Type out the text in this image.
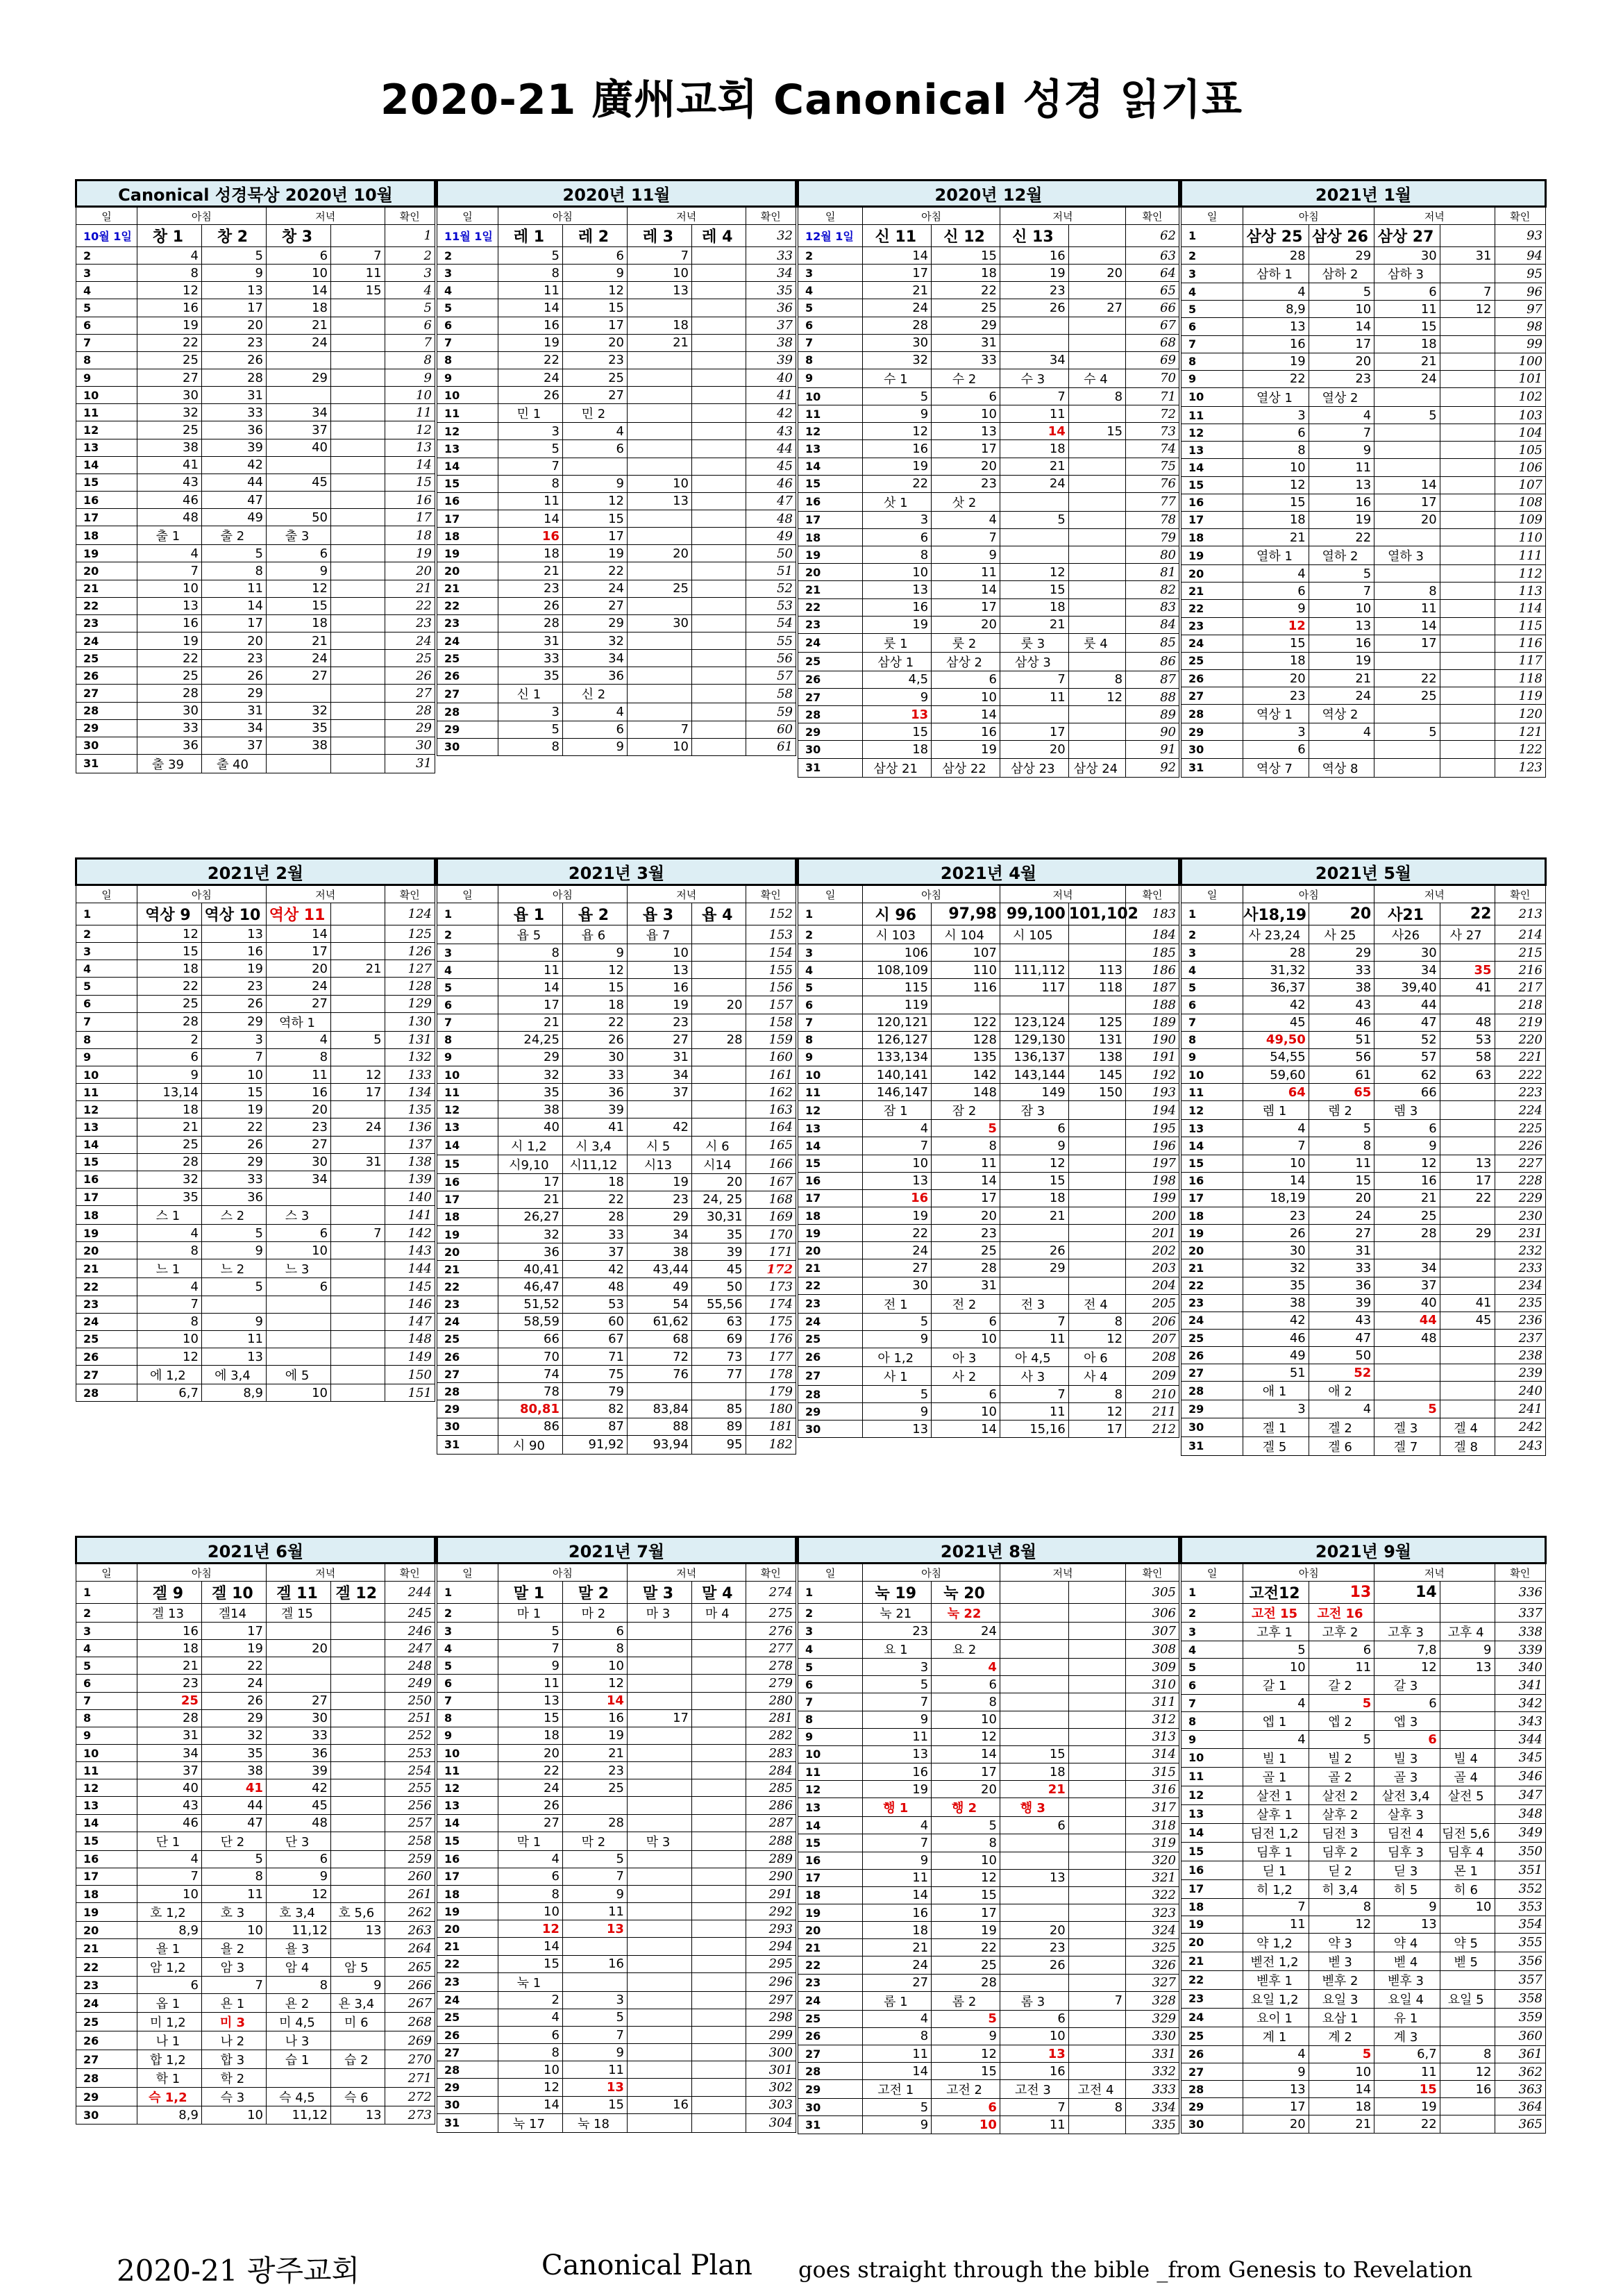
2020-21 廣州교회 Canonical 성경 읽기표
Canonical 성경묵상 2020년 10월					
일	아침		저녁		확인
10월 1일	창 1	창 2	창 3		1
2	4	5	6	7	2
3	8	9	10	11	3
4	12	13	14	15	4
5	16	17	18		5
6	19	20	21		6
7	22	23	24		7
8	25	26			8
9	27	28	29		9
10	30	31			10
11	32	33	34		11
12	25	36	37		12
13	38	39	40		13
14	41	42			14
15	43	44	45		15
16	46	47			16
17	48	49	50		17
18	출 1	출 2	출 3		18
19	4	5	6		19
20	7	8	9		20
21	10	11	12		21
22	13	14	15		22
23	16	17	18		23
24	19	20	21		24
25	22	23	24		25
26	25	26	27		26
27	28	29			27
28	30	31	32		28
29	33	34	35		29
30	36	37	38		30
31	출 39	출 40			31
2020년 11월					
일	아침		저녁		확인
11월 1일	레 1	레 2	레 3	레 4	32
2	5	6	7		33
3	8	9	10		34
4	11	12	13		35
5	14	15			36
6	16	17	18		37
7	19	20	21		38
8	22	23			39
9	24	25			40
10	26	27			41
11	민 1	민 2			42
12	3	4			43
13	5	6			44
14	7				45
15	8	9	10		46
16	11	12	13		47
17	14	15			48
18	16	17			49
19	18	19	20		50
20	21	22			51
21	23	24	25		52
22	26	27			53
23	28	29	30		54
24	31	32			55
25	33	34			56
26	35	36			57
27	신 1	신 2			58
28	3	4			59
29	5	6	7		60
30	8	9	10		61
2020년 12월					
일	아침		저녁		확인
12월 1일	신 11	신 12	신 13		62
2	14	15	16		63
3	17	18	19	20	64
4	21	22	23		65
5	24	25	26	27	66
6	28	29			67
7	30	31			68
8	32	33	34		69
9	수 1	수 2	수 3	수 4	70
10	5	6	7	8	71
11	9	10	11		72
12	12	13	14	15	73
13	16	17	18		74
14	19	20	21		75
15	22	23	24		76
16	삿 1	삿 2			77
17	3	4	5		78
18	6	7			79
19	8	9			80
20	10	11	12		81
21	13	14	15		82
22	16	17	18		83
23	19	20	21		84
24	룻 1	룻 2	룻 3	룻 4	85
25	삼상 1	삼상 2	삼상 3		86
26	4,5	6	7	8	87
27	9	10	11	12	88
28	13	14			89
29	15	16	17		90
30	18	19	20		91
31	삼상 21	삼상 22	삼상 23	삼상 24	92
2021년 1월					
일	아침		저녁		확인
1	삼상 25	삼상 26	삼상 27		93
2	28	29	30	31	94
3	삼하 1	삼하 2	삼하 3		95
4	4	5	6	7	96
5	8,9	10	11	12	97
6	13	14	15		98
7	16	17	18		99
8	19	20	21		100
9	22	23	24		101
10	열상 1	열상 2			102
11	3	4	5		103
12	6	7			104
13	8	9			105
14	10	11			106
15	12	13	14		107
16	15	16	17		108
17	18	19	20		109
18	21	22			110
19	열하 1	열하 2	열하 3		111
20	4	5			112
21	6	7	8		113
22	9	10	11		114
23	12	13	14		115
24	15	16	17		116
25	18	19			117
26	20	21	22		118
27	23	24	25		119
28	역상 1	역상 2			120
29	3	4	5		121
30	6				122
31	역상 7	역상 8			123
2021년 2월					
일	아침		저녁		확인
1	역상 9	역상 10	역상 11		124
2	12	13	14		125
3	15	16	17		126
4	18	19	20	21	127
5	22	23	24		128
6	25	26	27		129
7	28	29	역하 1		130
8	2	3	4	5	131
9	6	7	8		132
10	9	10	11	12	133
11	13,14	15	16	17	134
12	18	19	20		135
13	21	22	23	24	136
14	25	26	27		137
15	28	29	30	31	138
16	32	33	34		139
17	35	36			140
18	스 1	스 2	스 3		141
19	4	5	6	7	142
20	8	9	10		143
21	느 1	느 2	느 3		144
22	4	5	6		145
23	7				146
24	8	9			147
25	10	11			148
26	12	13			149
27	에 1,2	에 3,4	에 5		150
28	6,7	8,9	10		151
2021년 3월					
일	아침		저녁		확인
1	욥 1	욥 2	욥 3	욥 4	152
2	욥 5	욥 6	욥 7		153
3	8	9	10		154
4	11	12	13		155
5	14	15	16		156
6	17	18	19	20	157
7	21	22	23		158
8	24,25	26	27	28	159
9	29	30	31		160
10	32	33	34		161
11	35	36	37		162
12	38	39			163
13	40	41	42		164
14	시 1,2	시 3,4	시 5	시 6	165
15	시9,10	시11,12	시13	시14	166
16	17	18	19	20	167
17	21	22	23	24, 25	168
18	26,27	28	29	30,31	169
19	32	33	34	35	170
20	36	37	38	39	171
21	40,41	42	43,44	45	172
22	46,47	48	49	50	173
23	51,52	53	54	55,56	174
24	58,59	60	61,62	63	175
25	66	67	68	69	176
26	70	71	72	73	177
27	74	75	76	77	178
28	78	79			179
29	80,81	82	83,84	85	180
30	86	87	88	89	181
31	시 90	91,92	93,94	95	182
2021년 4월					
일	아침		저녁		확인
1	시 96	97,98	99,100	101,102	183
2	시 103	시 104	시 105		184
3	106	107			185
4	108,109	110	111,112	113	186
5	115	116	117	118	187
6	119				188
7	120,121	122	123,124	125	189
8	126,127	128	129,130	131	190
9	133,134	135	136,137	138	191
10	140,141	142	143,144	145	192
11	146,147	148	149	150	193
12	잠 1	잠 2	잠 3		194
13	4	5	6		195
14	7	8	9		196
15	10	11	12		197
16	13	14	15		198
17	16	17	18		199
18	19	20	21		200
19	22	23			201
20	24	25	26		202
21	27	28	29		203
22	30	31			204
23	전 1	전 2	전 3	전 4	205
24	5	6	7	8	206
25	9	10	11	12	207
26	아 1,2	아 3	아 4,5	아 6	208
27	사 1	사 2	사 3	사 4	209
28	5	6	7	8	210
29	9	10	11	12	211
30	13	14	15,16	17	212
2021년 5월					
일	아침		저녁		확인
1	사18,19	20	사21	22	213
2	사 23,24	사 25	사26	사 27	214
3	28	29	30		215
4	31,32	33	34	35	216
5	36,37	38	39,40	41	217
6	42	43	44		218
7	45	46	47	48	219
8	49,50	51	52	53	220
9	54,55	56	57	58	221
10	59,60	61	62	63	222
11	64	65	66		223
12	렘 1	렘 2	렘 3		224
13	4	5	6		225
14	7	8	9		226
15	10	11	12	13	227
16	14	15	16	17	228
17	18,19	20	21	22	229
18	23	24	25		230
19	26	27	28	29	231
20	30	31			232
21	32	33	34		233
22	35	36	37		234
23	38	39	40	41	235
24	42	43	44	45	236
25	46	47	48		237
26	49	50			238
27	51	52			239
28	애 1	애 2			240
29	3	4	5		241
30	겔 1	겔 2	겔 3	겔 4	242
31	겔 5	겔 6	겔 7	겔 8	243
2021년 6월					
일	아침		저녁		확인
1	겔 9	겔 10	겔 11	겔 12	244
2	겔 13	겔14	겔 15		245
3	16	17			246
4	18	19	20		247
5	21	22			248
6	23	24			249
7	25	26	27		250
8	28	29	30		251
9	31	32	33		252
10	34	35	36		253
11	37	38	39		254
12	40	41	42		255
13	43	44	45		256
14	46	47	48		257
15	단 1	단 2	단 3		258
16	4	5	6		259
17	7	8	9		260
18	10	11	12		261
19	호 1,2	호 3	호 3,4	호 5,6	262
20	8,9	10	11,12	13	263
21	욜 1	욜 2	욜 3		264
22	암 1,2	암 3	암 4	암 5	265
23	6	7	8	9	266
24	옵 1	욘 1	욘 2	욘 3,4	267
25	미 1,2	미 3	미 4,5	미 6	268
26	나 1	나 2	나 3		269
27	합 1,2	합 3	습 1	습 2	270
28	학 1	학 2			271
29	슥 1,2	슥 3	슥 4,5	슥 6	272
30	8,9	10	11,12	13	273
2021년 7월					
일	아침		저녁		확인
1	말 1	말 2	말 3	말 4	274
2	마 1	마 2	마 3	마 4	275
3	5	6			276
4	7	8			277
5	9	10			278
6	11	12			279
7	13	14			280
8	15	16	17		281
9	18	19			282
10	20	21			283
11	22	23			284
12	24	25			285
13	26				286
14	27	28			287
15	막 1	막 2	막 3		288
16	4	5			289
17	6	7			290
18	8	9			291
19	10	11			292
20	12	13			293
21	14				294
22	15	16			295
23	눅 1				296
24	2	3			297
25	4	5			298
26	6	7			299
27	8	9			300
28	10	11			301
29	12	13			302
30	14	15	16		303
31	눅 17	눅 18			304
2021년 8월					
일	아침		저녁		확인
1	눅 19	눅 20			305
2	눅 21	눅 22			306
3	23	24			307
4	요 1	요 2			308
5	3	4			309
6	5	6			310
7	7	8			311
8	9	10			312
9	11	12			313
10	13	14	15		314
11	16	17	18		315
12	19	20	21		316
13	행 1	행 2	행 3		317
14	4	5	6		318
15	7	8			319
16	9	10			320
17	11	12	13		321
18	14	15			322
19	16	17			323
20	18	19	20		324
21	21	22	23		325
22	24	25	26		326
23	27	28			327
24	롬 1	롬 2	롬 3	7	328
25	4	5	6		329
26	8	9	10		330
27	11	12	13		331
28	14	15	16		332
29	고전 1	고전 2	고전 3	고전 4	333
30	5	6	7	8	334
31	9	10	11		335
2021년 9월					
일	아침		저녁		확인
1	고전12	13	14		336
2	고전 15	고전 16			337
3	고후 1	고후 2	고후 3	고후 4	338
4	5	6	7,8	9	339
5	10	11	12	13	340
6	갈 1	갈 2	갈 3		341
7	4	5	6		342
8	엡 1	엡 2	엡 3		343
9	4	5	6		344
10	빌 1	빌 2	빌 3	빌 4	345
11	골 1	골 2	골 3	골 4	346
12	살전 1	살전 2	살전 3,4	살전 5	347
13	살후 1	살후 2	살후 3		348
14	딤전 1,2	딤전 3	딤전 4	딤전 5,6	349
15	딤후 1	딤후 2	딤후 3	딤후 4	350
16	딛 1	딛 2	딛 3	몬 1	351
17	히 1,2	히 3,4	히 5	히 6	352
18	7	8	9	10	353
19	11	12	13		354
20	약 1,2	약 3	약 4	약 5	355
21	벧전 1,2	벧 3	벧 4	벧 5	356
22	벧후 1	벧후 2	벧후 3		357
23	요일 1,2	요일 3	요일 4	요일 5	358
24	요이 1	요삼 1	유 1		359
25	계 1	계 2	계 3		360
26	4	5	6,7	8	361
27	9	10	11	12	362
28	13	14	15	16	363
29	17	18	19		364
30	20	21	22		365
2020-21 광주교회	Canonical Plan goes straight through the bible _from Genesis to Revelation
